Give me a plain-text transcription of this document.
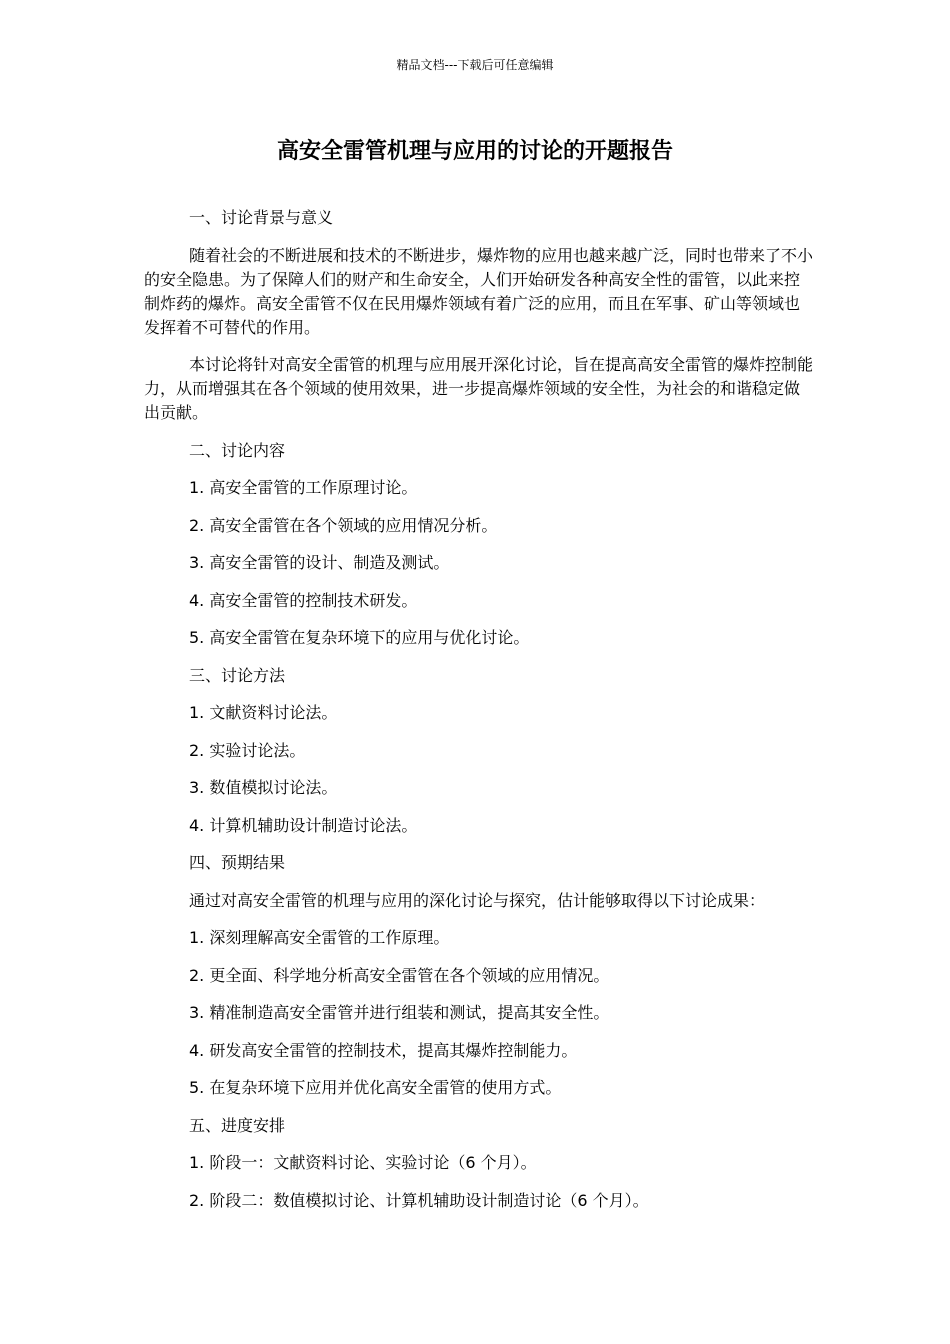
精品文档---下载后可任意编辑
高安全雷管机理与应用的讨论的开题报告

一、讨论背景与意义

随着社会的不断进展和技术的不断进步，爆炸物的应用也越来越广泛，同时也带来了不小的安全隐患。为了保障人们的财产和生命安全，人们开始研发各种高安全性的雷管，以此来控制炸药的爆炸。高安全雷管不仅在民用爆炸领域有着广泛的应用，而且在军事、矿山等领域也发挥着不可替代的作用。

本讨论将针对高安全雷管的机理与应用展开深化讨论，旨在提高高安全雷管的爆炸控制能力，从而增强其在各个领域的使用效果，进一步提高爆炸领域的安全性，为社会的和谐稳定做出贡献。

二、讨论内容

1. 高安全雷管的工作原理讨论。

2. 高安全雷管在各个领域的应用情况分析。

3. 高安全雷管的设计、制造及测试。

4. 高安全雷管的控制技术研发。

5. 高安全雷管在复杂环境下的应用与优化讨论。

三、讨论方法

1. 文献资料讨论法。

2. 实验讨论法。

3. 数值模拟讨论法。

4. 计算机辅助设计制造讨论法。

四、预期结果

通过对高安全雷管的机理与应用的深化讨论与探究，估计能够取得以下讨论成果：

1. 深刻理解高安全雷管的工作原理。

2. 更全面、科学地分析高安全雷管在各个领域的应用情况。

3. 精准制造高安全雷管并进行组装和测试，提高其安全性。

4. 研发高安全雷管的控制技术，提高其爆炸控制能力。

5. 在复杂环境下应用并优化高安全雷管的使用方式。

五、进度安排

1. 阶段一：文献资料讨论、实验讨论（6 个月）。

2. 阶段二：数值模拟讨论、计算机辅助设计制造讨论（6 个月）。
